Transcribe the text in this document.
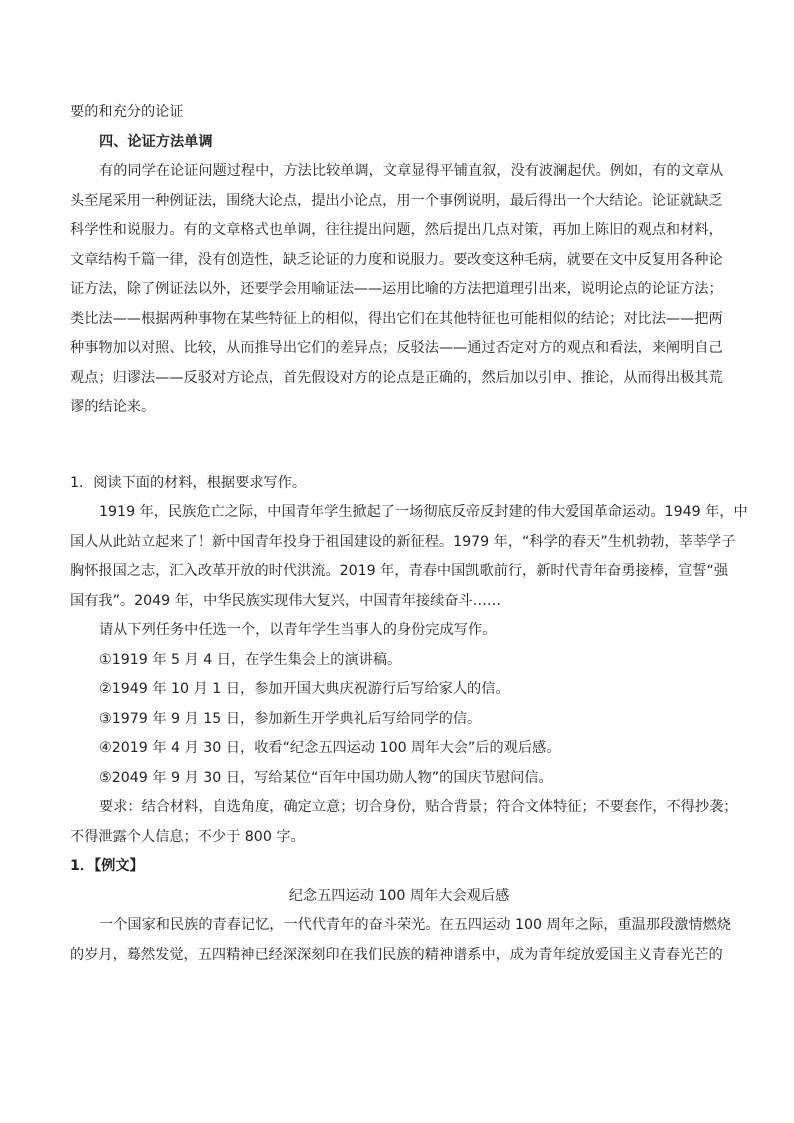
要的和充分的论证

四、论证方法单调

有的同学在论证问题过程中，方法比较单调，文章显得平铺直叙，没有波澜起伏。例如，有的文章从

头至尾采用一种例证法，围绕大论点，提出小论点，用一个事例说明，最后得出一个大结论。论证就缺乏

科学性和说服力。有的文章格式也单调，往往提出问题，然后提出几点对策，再加上陈旧的观点和材料，

文章结构千篇一律，没有创造性，缺乏论证的力度和说服力。要改变这种毛病，就要在文中反复用各种论

证方法，除了例证法以外，还要学会用喻证法——运用比喻的方法把道理引出来，说明论点的论证方法；

类比法——根据两种事物在某些特征上的相似，得出它们在其他特征也可能相似的结论；对比法——把两

种事物加以对照、比较，从而推导出它们的差异点；反驳法——通过否定对方的观点和看法，来阐明自己

观点；归谬法——反驳对方论点，首先假设对方的论点是正确的，然后加以引申、推论，从而得出极其荒

谬的结论来。

1．阅读下面的材料，根据要求写作。

1919 年，民族危亡之际，中国青年学生掀起了一场彻底反帝反封建的伟大爱国革命运动。1949 年，中

国人从此站立起来了！新中国青年投身于祖国建设的新征程。1979 年，“科学的春天”生机勃勃，莘莘学子

胸怀报国之志，汇入改革开放的时代洪流。2019 年，青春中国凯歌前行，新时代青年奋勇接棒，宣誓“强

国有我”。2049 年，中华民族实现伟大复兴，中国青年接续奋斗……

请从下列任务中任选一个，以青年学生当事人的身份完成写作。

①1919 年 5 月 4 日，在学生集会上的演讲稿。

②1949 年 10 月 1 日，参加开国大典庆祝游行后写给家人的信。

③1979 年 9 月 15 日，参加新生开学典礼后写给同学的信。

④2019 年 4 月 30 日，收看“纪念五四运动 100 周年大会”后的观后感。

⑤2049 年 9 月 30 日，写给某位“百年中国功勋人物”的国庆节慰问信。

要求：结合材料，自选角度，确定立意；切合身份，贴合背景；符合文体特征；不要套作，不得抄袭；

不得泄露个人信息；不少于 800 字。

1．【例文】

纪念五四运动 100 周年大会观后感

一个国家和民族的青春记忆，一代代青年的奋斗荣光。在五四运动 100 周年之际，重温那段激情燃烧

的岁月，蓦然发觉，五四精神已经深深刻印在我们民族的精神谱系中，成为青年绽放爱国主义青春光芒的
